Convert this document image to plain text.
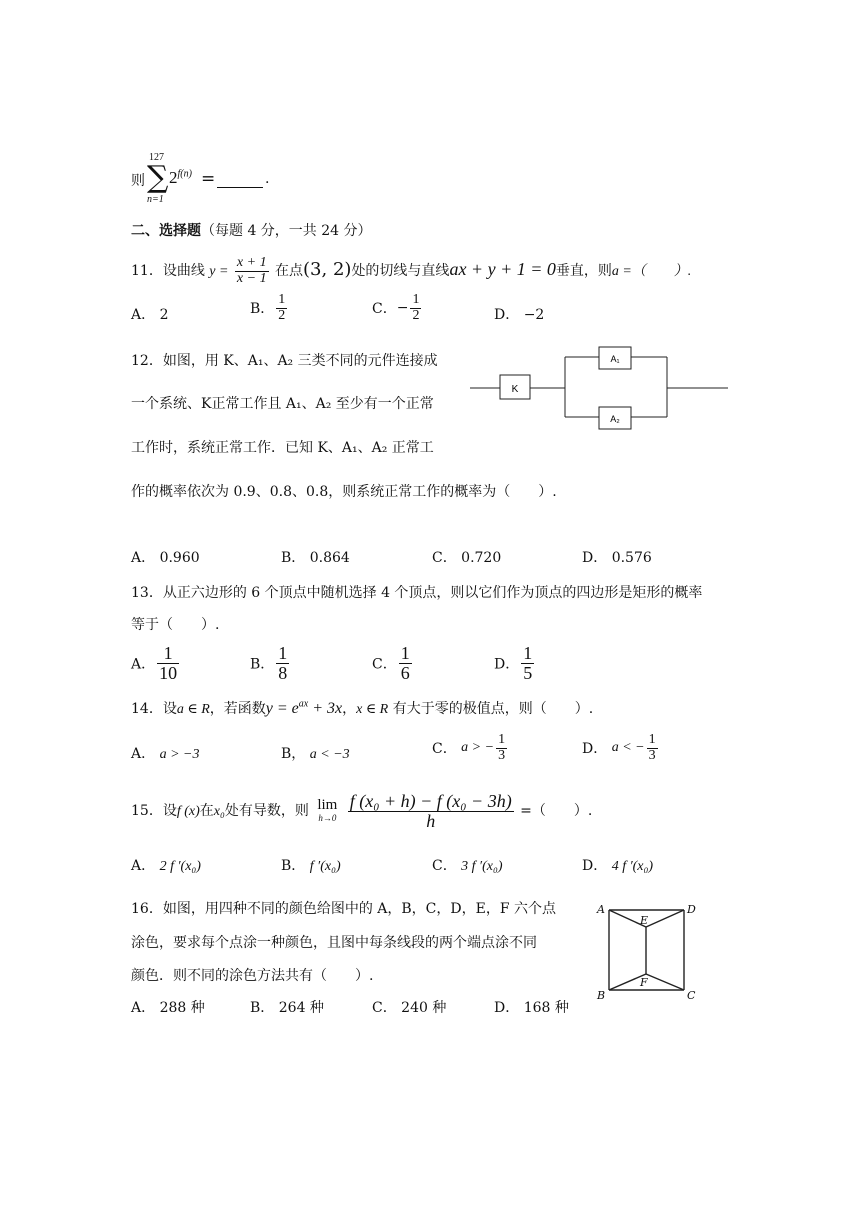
则
127
∑
n=1
$2^{f(n)}$ =	.
二、选择题（每题 4 分，一共 24 分）
11．设曲线 $y = \frac{x + 1}{x - 1}$ 在点(3, 2)处的切线与直线ax + y + 1 = 0垂直，则a =（　　）.
A． 2	B． $\frac{1}{2}$	C．− $\frac{1}{2}$	D． −2
12．如图，用 K、A₁、A₂ 三类不同的元件连接成
一个系统、K正常工作且 A₁、A₂ 至少有一个正常
工作时，系统正常工作．已知 K、A₁、A₂ 正常工
作的概率依次为 0.9、0.8、0.8，则系统正常工作的概率为（　　）.
K
A₁
A₂
A． 0.960	B． 0.864	C． 0.720	D． 0.576
13．从正六边形的 6 个顶点中随机选择 4 个顶点，则以它们作为顶点的四边形是矩形的概率
等于（　　）.
A． $\frac{1}{10}$	B． $\frac{1}{8}$	C． $\frac{1}{6}$	D． $\frac{1}{5}$
14．设a ∈ R，若函数$y = e^{ax} + 3x$，x ∈ R 有大于零的极值点，则（　　）.
A． a > −3	B， a < −3	C． a > − $\frac{1}{3}$	D． a < − $\frac{1}{3}$
15．设f (x)在x₀处有导数，则 lim
h→0
$\frac{\text{f (x₀ + h) − f (x₀ − 3h)}}{h}$ =（　　）.
A． 2 f ′(x₀)	B． f ′(x₀)	C． 3 f ′(x₀)	D． 4 f ′(x₀)
16．如图，用四种不同的颜色给图中的 A，B，C，D，E，F 六个点
涂色，要求每个点涂一种颜色，且图中每条线段的两个端点涂不同
颜色．则不同的涂色方法共有（　　）.
A． 288 种	B． 264 种	C． 240 种	D． 168 种
A	D
E
F
B	C
